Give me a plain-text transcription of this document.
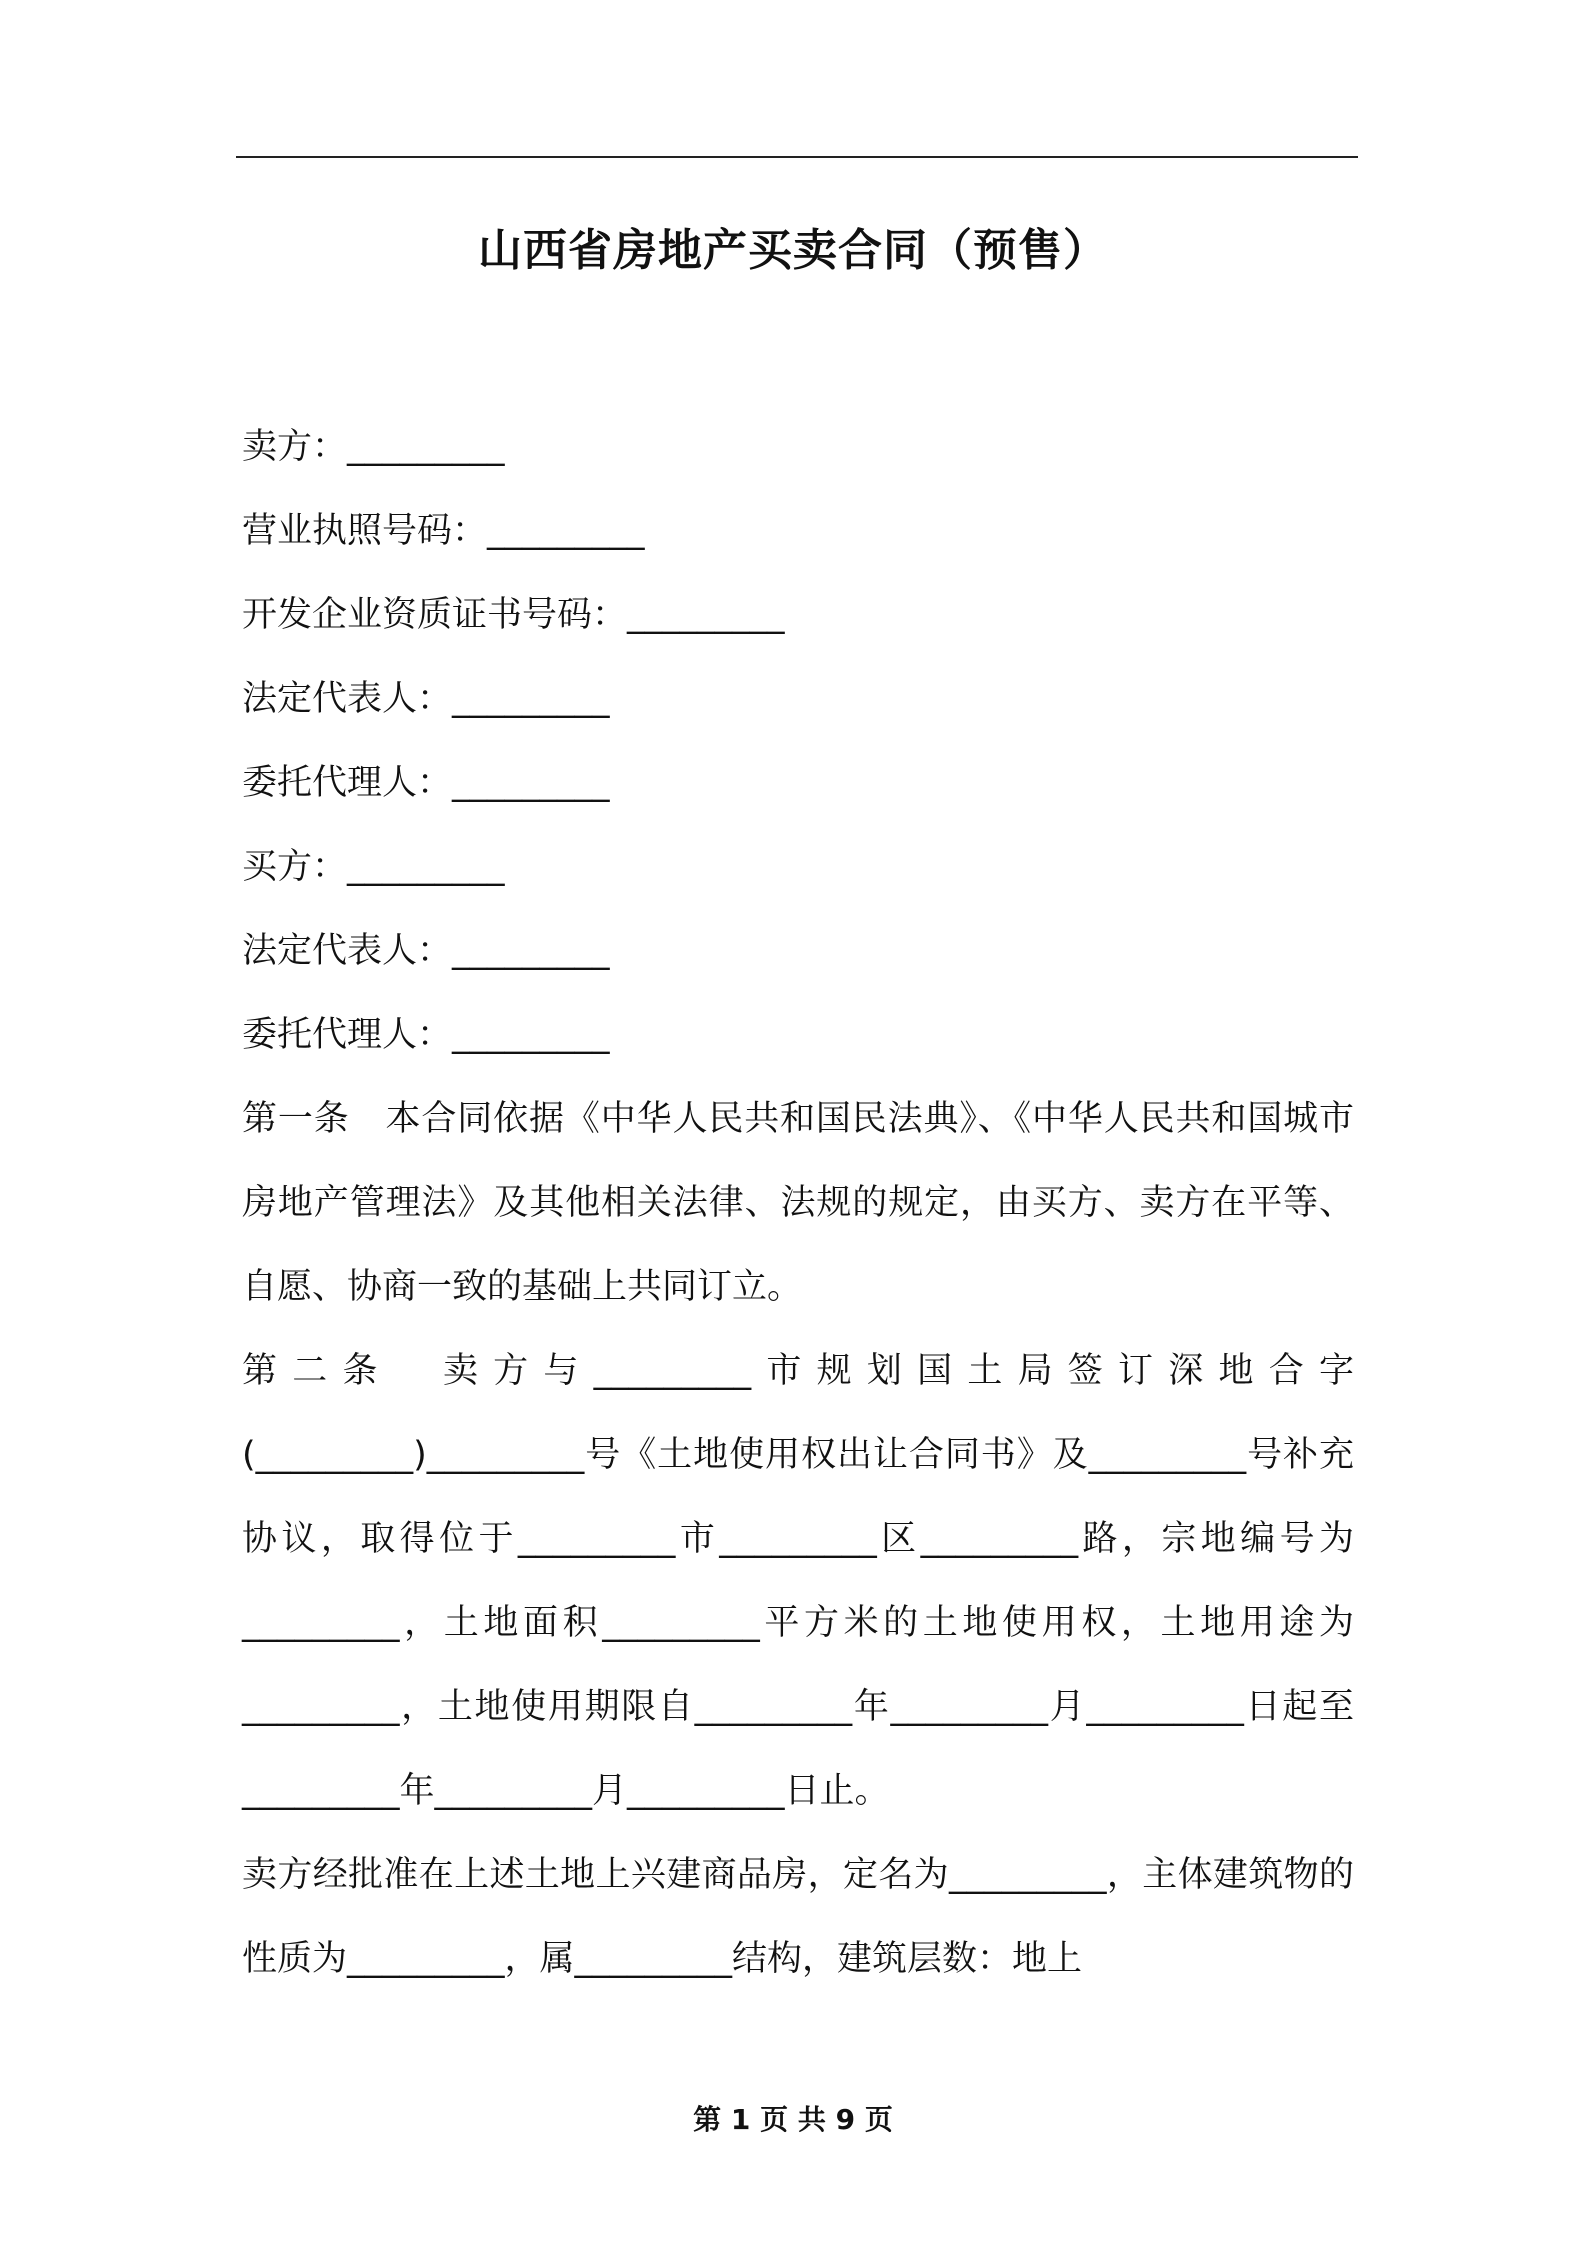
山西省房地产买卖合同（预售）

卖方：_________

营业执照号码：_________

开发企业资质证书号码：_________

法定代表人：_________

委托代理人：_________

买方：_________

法定代表人：_________

委托代理人：_________

第一条　本合同依据《中华人民共和国民法典》、《中华人民共和国城市房地产管理法》及其他相关法律、法规的规定，由买方、卖方在平等、自愿、协商一致的基础上共同订立。

第二条　卖方与_________市规划国土局签订深地合字(_________)_________号《土地使用权出让合同书》及_________号补充协议，取得位于_________市_________区_________路，宗地编号为_________，土地面积_________平方米的土地使用权，土地用途为_________，土地使用期限自_________年_________月_________日起至_________年_________月_________日止。

卖方经批准在上述土地上兴建商品房，定名为_________，主体建筑物的性质为_________，属_________结构，建筑层数：地上

第 1 页 共 9 页
